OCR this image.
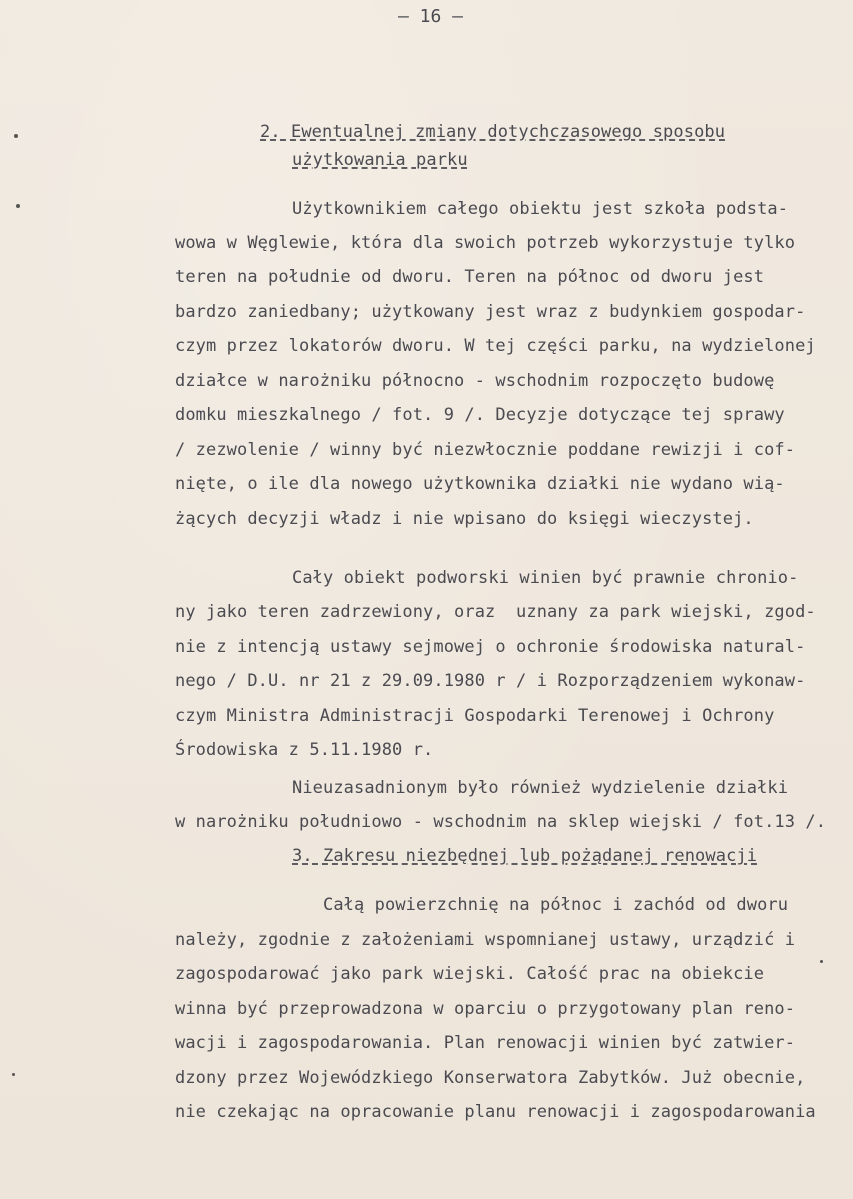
– 16 –
2. Ewentualnej zmiany dotychczasowego sposobu
użytkowania parku
Użytkownikiem całego obiektu jest szkoła podsta-
wowa w Węglewie, która dla swoich potrzeb wykorzystuje tylko
teren na południe od dworu. Teren na północ od dworu jest
bardzo zaniedbany; użytkowany jest wraz z budynkiem gospodar-
czym przez lokatorów dworu. W tej części parku, na wydzielonej
działce w narożniku północno - wschodnim rozpoczęto budowę
domku mieszkalnego / fot. 9 /. Decyzje dotyczące tej sprawy
/ zezwolenie / winny być niezwłocznie poddane rewizji i cof-
nięte, o ile dla nowego użytkownika działki nie wydano wią-
żących decyzji władz i nie wpisano do księgi wieczystej.
Cały obiekt podworski winien być prawnie chronio-
ny jako teren zadrzewiony, oraz  uznany za park wiejski, zgod-
nie z intencją ustawy sejmowej o ochronie środowiska natural-
nego / D.U. nr 21 z 29.09.1980 r / i Rozporządzeniem wykonaw-
czym Ministra Administracji Gospodarki Terenowej i Ochrony
Środowiska z 5.11.1980 r.
Nieuzasadnionym było również wydzielenie działki
w narożniku południowo - wschodnim na sklep wiejski / fot.13 /.
3. Zakresu niezbędnej lub pożądanej renowacji
Całą powierzchnię na północ i zachód od dworu
należy, zgodnie z założeniami wspomnianej ustawy, urządzić i
zagospodarować jako park wiejski. Całość prac na obiekcie
winna być przeprowadzona w oparciu o przygotowany plan reno-
wacji i zagospodarowania. Plan renowacji winien być zatwier-
dzony przez Wojewódzkiego Konserwatora Zabytków. Już obecnie,
nie czekając na opracowanie planu renowacji i zagospodarowania
